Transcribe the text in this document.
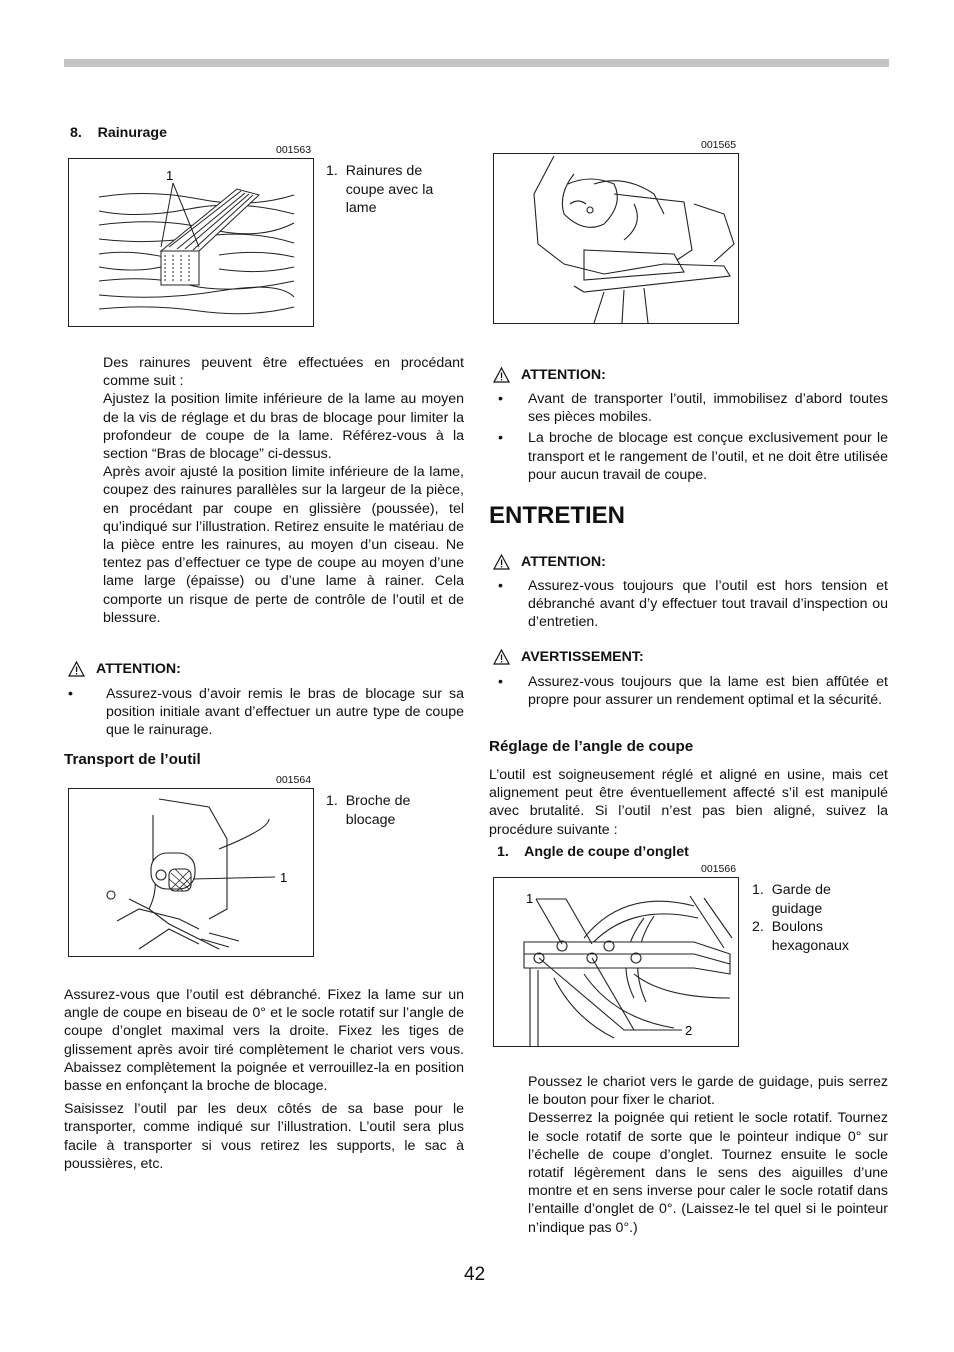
8.    Rainurage
001563
1	1.  Rainures de
coupe avec la
lame
Des rainures peuvent être effectuées en procédant comme suit :
Ajustez la position limite inférieure de la lame au moyen de la vis de réglage et du bras de blocage pour limiter la profondeur de coupe de la lame. Référez-vous à la section “Bras de blocage” ci-dessus.
Après avoir ajusté la position limite inférieure de la lame, coupez des rainures parallèles sur la largeur de la pièce, en procédant par coupe en glissière (poussée), tel qu’indiqué sur l’illustration. Retirez ensuite le matériau de la pièce entre les rainures, au moyen d’un ciseau. Ne tentez pas d’effectuer ce type de coupe au moyen d’une lame large (épaisse) ou d’une lame à rainer. Cela comporte un risque de perte de contrôle de l’outil et de blessure.
ATTENTION:
•	Assurez-vous d’avoir remis le bras de blocage sur sa position initiale avant d’effectuer un autre type de coupe que le rainurage.
Transport de l’outil
001564
1
1.  Broche de
blocage
Assurez-vous que l’outil est débranché. Fixez la lame sur un angle de coupe en biseau de 0° et le socle rotatif sur l’angle de coupe d’onglet maximal vers la droite. Fixez les tiges de glissement après avoir tiré complètement le chariot vers vous. Abaissez complètement la poignée et verrouillez-la en position basse en enfonçant la broche de blocage.
Saisissez l’outil par les deux côtés de sa base pour le transporter, comme indiqué sur l’illustration. L’outil sera plus facile à transporter si vous retirez les supports, le sac à poussières, etc.
001565
ATTENTION:
•	Avant de transporter l’outil, immobilisez d’abord toutes ses pièces mobiles.
•	La broche de blocage est conçue exclusivement pour le transport et le rangement de l’outil, et ne doit être utilisée pour aucun travail de coupe.
ENTRETIEN
ATTENTION:
•	Assurez-vous toujours que l’outil est hors tension et débranché avant d’y effectuer tout travail d’inspection ou d’entretien.
AVERTISSEMENT:
•	Assurez-vous toujours que la lame est bien affûtée et propre pour assurer un rendement optimal et la sécurité.
Réglage de l’angle de coupe
L’outil est soigneusement réglé et aligné en usine, mais cet alignement peut être éventuellement affecté s’il est manipulé avec brutalité. Si l’outil n’est pas bien aligné, suivez la procédure suivante :
1.    Angle de coupe d’onglet
001566
1
2
1.  Garde de
guidage
2.  Boulons
hexagonaux
Poussez le chariot vers le garde de guidage, puis serrez le bouton pour fixer le chariot.
Desserrez la poignée qui retient le socle rotatif. Tournez le socle rotatif de sorte que le pointeur indique 0° sur l’échelle de coupe d’onglet. Tournez ensuite le socle rotatif légèrement dans le sens des aiguilles d’une montre et en sens inverse pour caler le socle rotatif dans l’entaille d’onglet de 0°. (Laissez-le tel quel si le pointeur n’indique pas 0°.)
42
